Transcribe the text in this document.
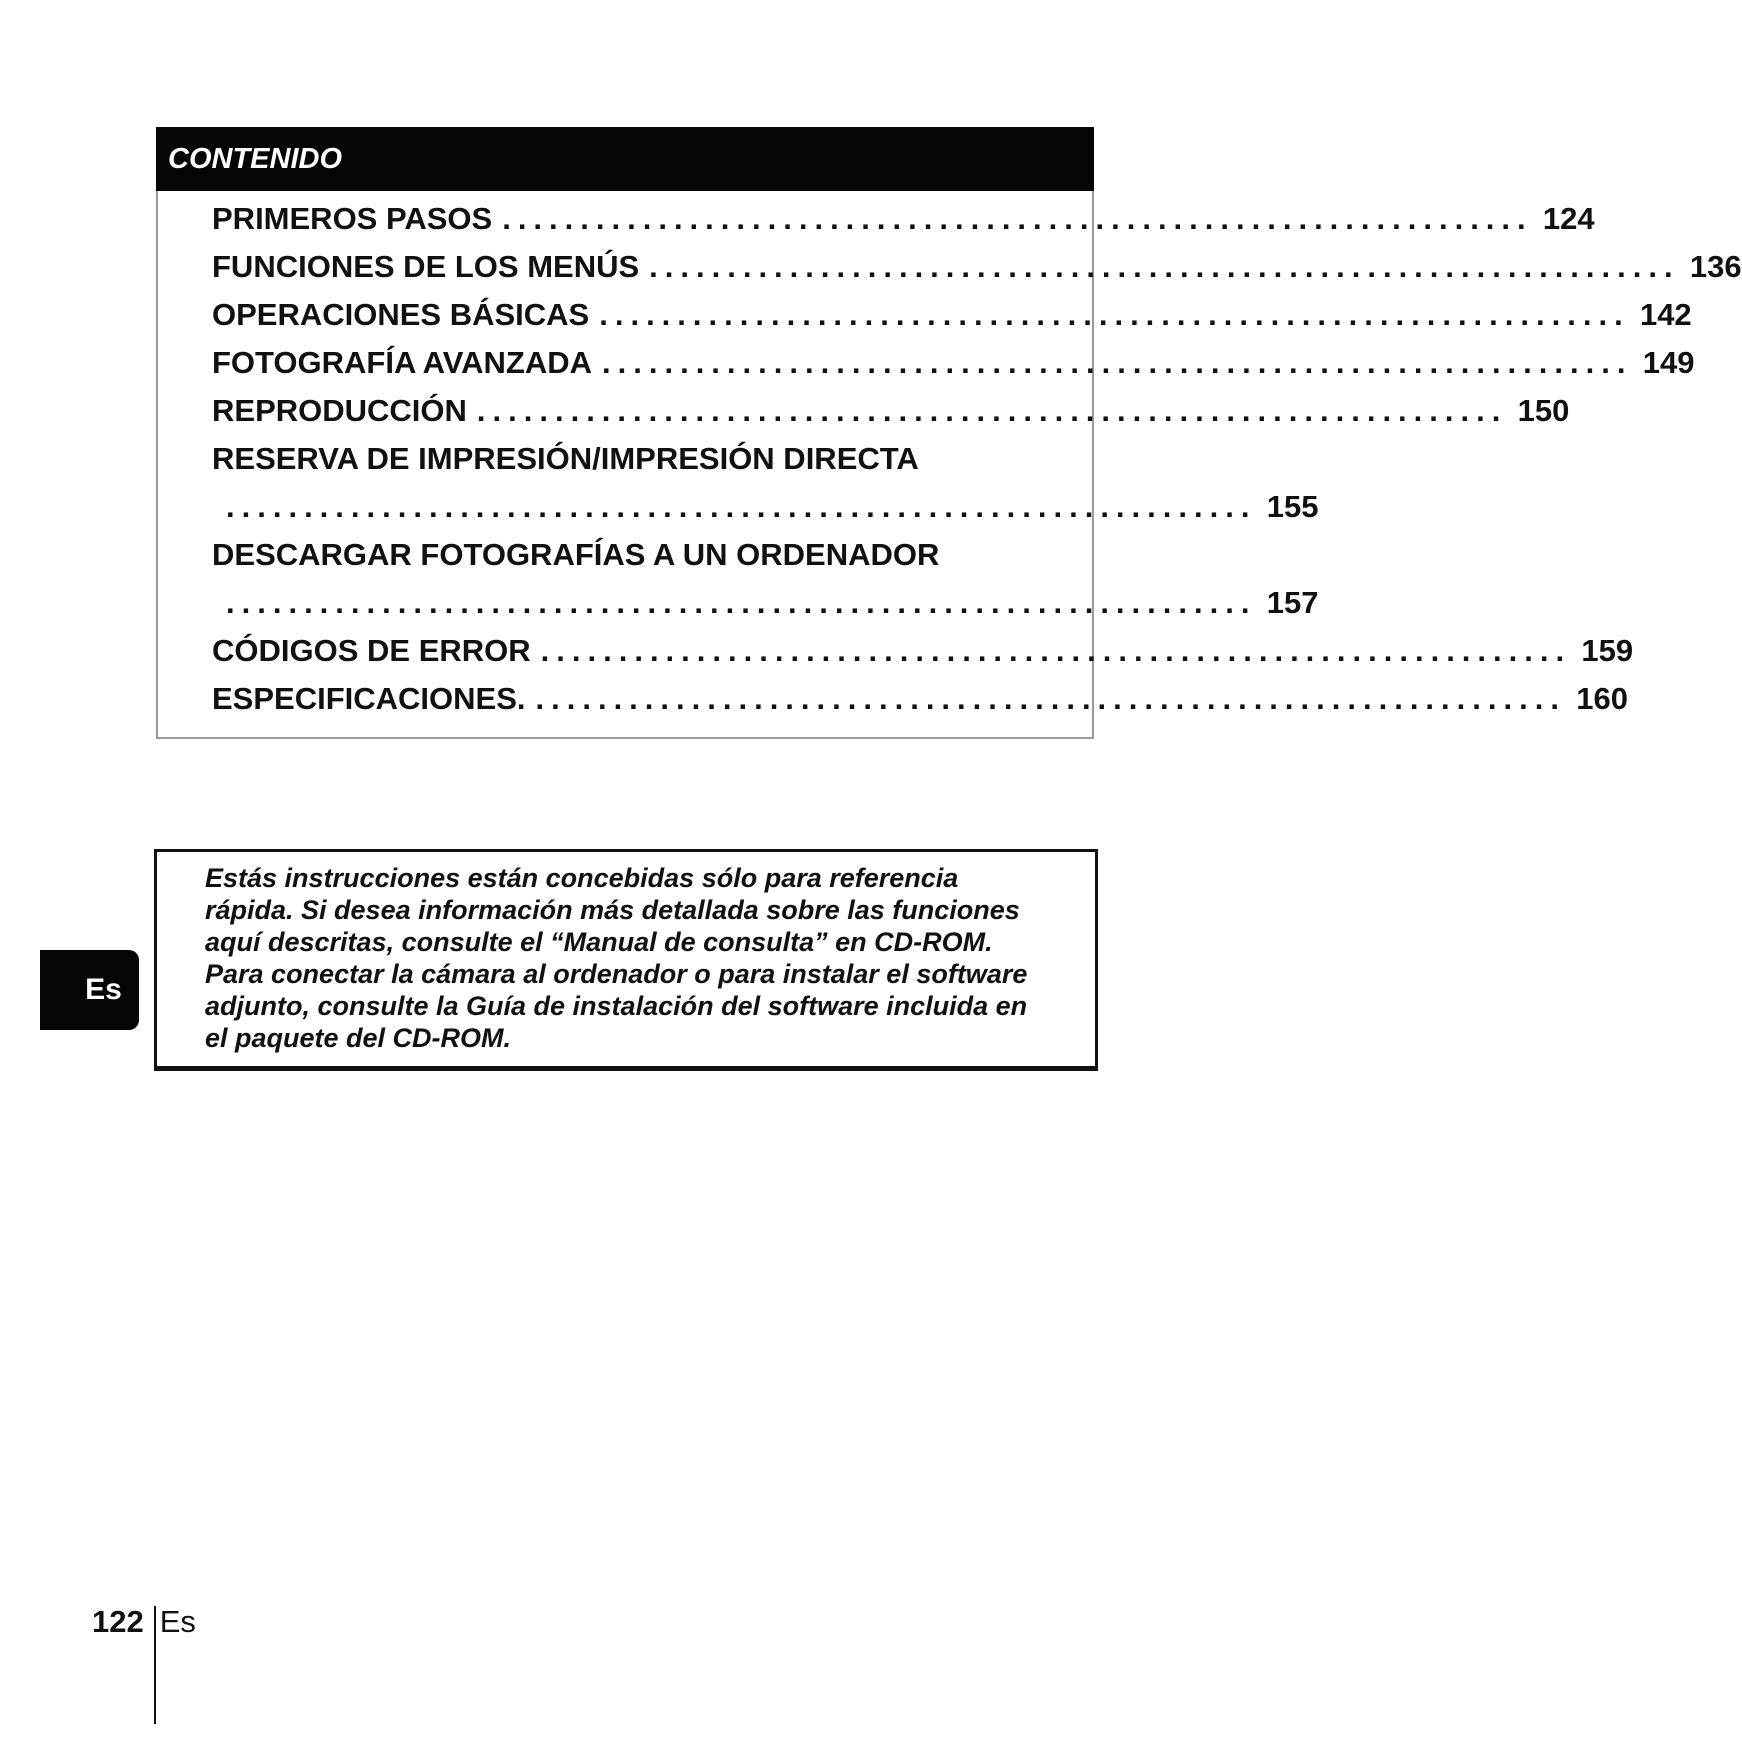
CONTENIDO
PRIMEROS PASOS .................................................................. 124
FUNCIONES DE LOS MENÚS .................................................................. 136
OPERACIONES BÁSICAS .................................................................. 142
FOTOGRAFÍA AVANZADA .................................................................. 149
REPRODUCCIÓN .................................................................. 150
RESERVA DE IMPRESIÓN/IMPRESIÓN DIRECTA
.................................................................. 155
DESCARGAR FOTOGRAFÍAS A UN ORDENADOR
.................................................................. 157
CÓDIGOS DE ERROR .................................................................. 159
ESPECIFICACIONES. .................................................................. 160

Estás instrucciones están concebidas sólo para referencia
rápida. Si desea información más detallada sobre las funciones
aquí descritas, consulte el “Manual de consulta” en CD-ROM.
Para conectar la cámara al ordenador o para instalar el software
adjunto, consulte la Guía de instalación del software incluida en
el paquete del CD-ROM.

Es
122 Es
